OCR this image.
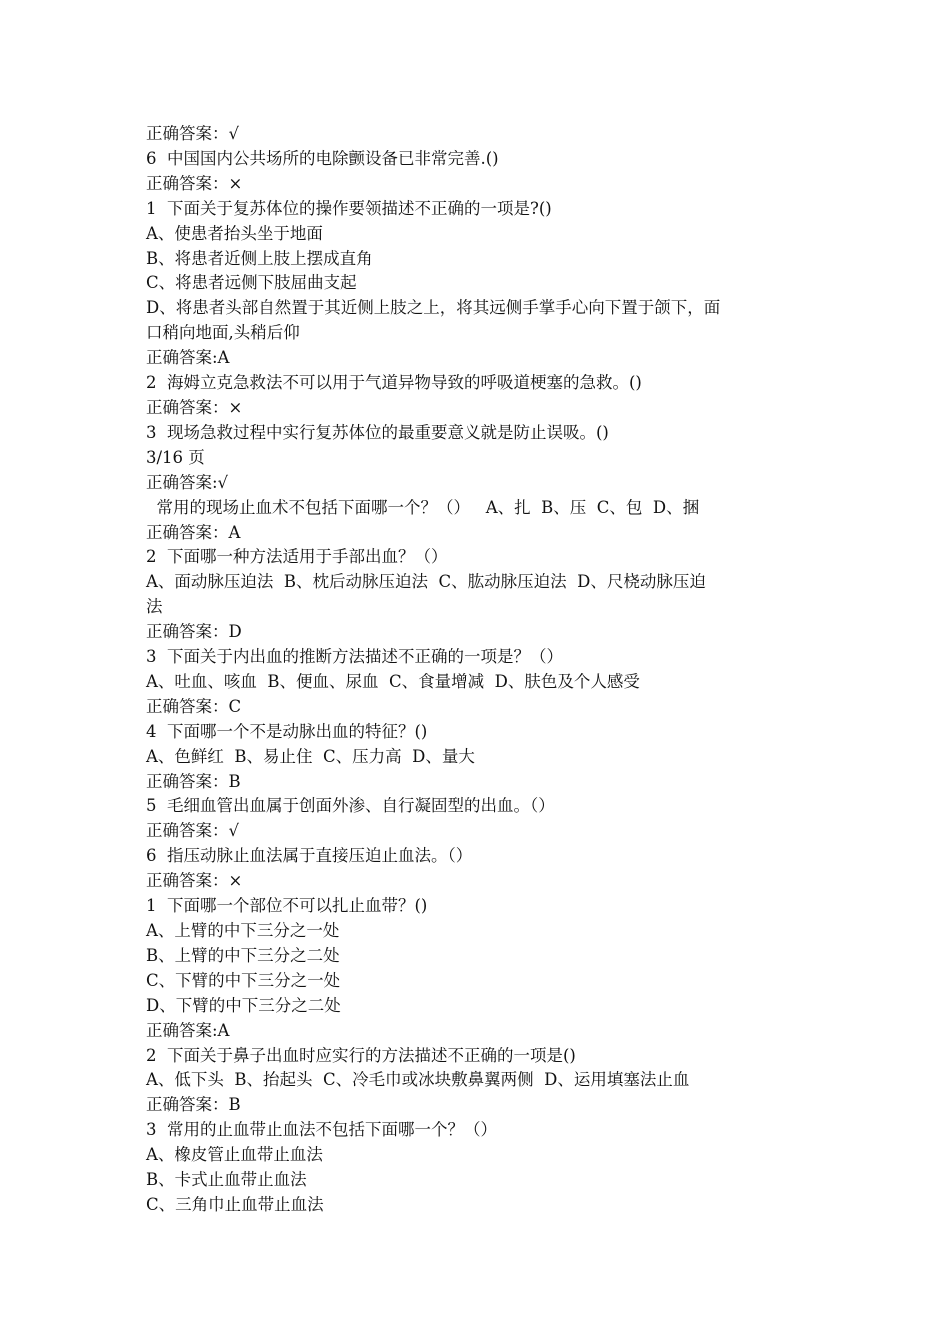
正确答案：√
6  中国国内公共场所的电除颤设备已非常完善.()
正确答案：×
1  下面关于复苏体位的操作要领描述不正确的一项是?()
A、使患者抬头坐于地面
B、将患者近侧上肢上摆成直角
C、将患者远侧下肢屈曲支起
D、将患者头部自然置于其近侧上肢之上，将其远侧手掌手心向下置于颌下，面
口稍向地面,头稍后仰
正确答案:A
2  海姆立克急救法不可以用于气道异物导致的呼吸道梗塞的急救。()
正确答案：×
3  现场急救过程中实行复苏体位的最重要意义就是防止误吸。()
3/16 页
正确答案:√
常用的现场止血术不包括下面哪一个？（）   A、扎  B、压  C、包  D、捆
正确答案：A
2  下面哪一种方法适用于手部出血？（）
A、面动脉压迫法  B、枕后动脉压迫法  C、肱动脉压迫法  D、尺桡动脉压迫
法
正确答案：D
3  下面关于内出血的推断方法描述不正确的一项是？（）
A、吐血、咳血  B、便血、尿血  C、食量增减  D、肤色及个人感受
正确答案：C
4  下面哪一个不是动脉出血的特征？()
A、色鲜红  B、易止住  C、压力高  D、量大
正确答案：B
5  毛细血管出血属于创面外渗、自行凝固型的出血。（）
正确答案：√
6  指压动脉止血法属于直接压迫止血法。（）
正确答案：×
1  下面哪一个部位不可以扎止血带？()
A、上臂的中下三分之一处
B、上臂的中下三分之二处
C、下臂的中下三分之一处
D、下臂的中下三分之二处
正确答案:A
2  下面关于鼻子出血时应实行的方法描述不正确的一项是()
A、低下头  B、抬起头  C、冷毛巾或冰块敷鼻翼两侧  D、运用填塞法止血
正确答案：B
3  常用的止血带止血法不包括下面哪一个？（）
A、橡皮管止血带止血法
B、卡式止血带止血法
C、三角巾止血带止血法
